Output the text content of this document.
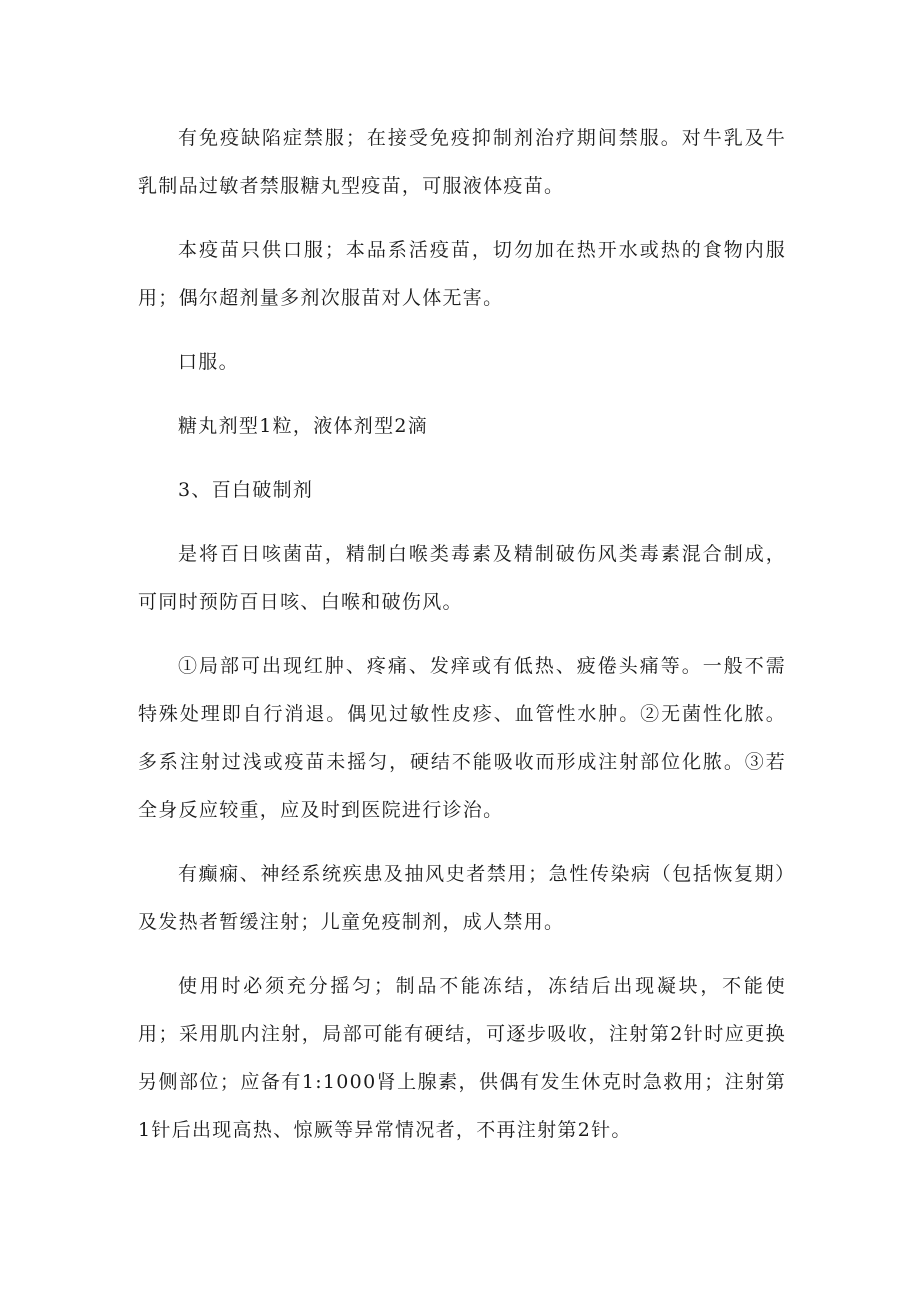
有免疫缺陷症禁服；在接受免疫抑制剂治疗期间禁服。对牛乳及牛乳制品过敏者禁服糖丸型疫苗，可服液体疫苗。

本疫苗只供口服；本品系活疫苗，切勿加在热开水或热的食物内服用；偶尔超剂量多剂次服苗对人体无害。

口服。

糖丸剂型1粒，液体剂型2滴

3、百白破制剂

是将百日咳菌苗，精制白喉类毒素及精制破伤风类毒素混合制成，可同时预防百日咳、白喉和破伤风。

①局部可出现红肿、疼痛、发痒或有低热、疲倦头痛等。一般不需特殊处理即自行消退。偶见过敏性皮疹、血管性水肿。②无菌性化脓。多系注射过浅或疫苗未摇匀，硬结不能吸收而形成注射部位化脓。③若全身反应较重，应及时到医院进行诊治。

有癫痫、神经系统疾患及抽风史者禁用；急性传染病（包括恢复期）及发热者暂缓注射；儿童免疫制剂，成人禁用。

使用时必须充分摇匀；制品不能冻结，冻结后出现凝块，不能使用；采用肌内注射，局部可能有硬结，可逐步吸收，注射第2针时应更换另侧部位；应备有1:1000肾上腺素，供偶有发生休克时急救用；注射第1针后出现高热、惊厥等异常情况者，不再注射第2针。
